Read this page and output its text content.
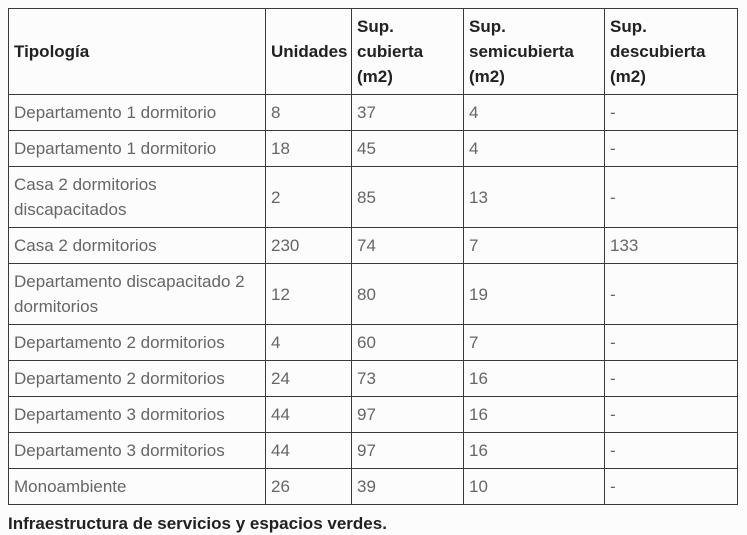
Tipología	Unidades	Sup. cubierta (m2)	Sup. semicubierta (m2)	Sup. descubierta (m2)
Departamento 1 dormitorio	8	37	4	-
Departamento 1 dormitorio	18	45	4	-
Casa 2 dormitorios discapacitados	2	85	13	-
Casa 2 dormitorios	230	74	7	133
Departamento discapacitado 2 dormitorios	12	80	19	-
Departamento 2 dormitorios	4	60	7	-
Departamento 2 dormitorios	24	73	16	-
Departamento 3 dormitorios	44	97	16	-
Departamento 3 dormitorios	44	97	16	-
Monoambiente	26	39	10	-

Infraestructura de servicios y espacios verdes.
